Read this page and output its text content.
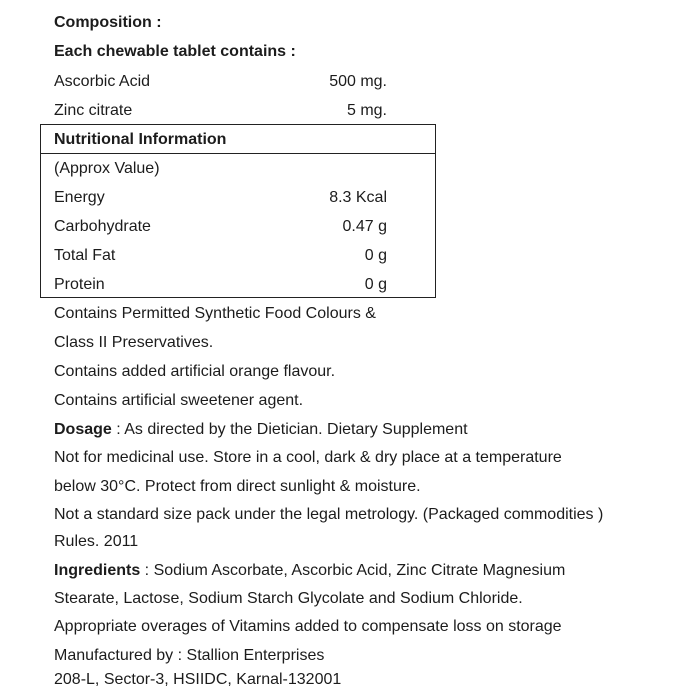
Composition :
Each chewable tablet contains :
Ascorbic Acid	500 mg.
Zinc citrate	5 mg.
Nutritional Information
(Approx Value)
Energy	8.3 Kcal
Carbohydrate	0.47 g
Total Fat	0 g
Protein	0 g
Contains Permitted Synthetic Food Colours &
Class II Preservatives.
Contains added artificial orange flavour.
Contains artificial sweetener agent.
Dosage : As directed by the Dietician. Dietary Supplement
Not for medicinal use. Store in a cool, dark & dry place at a temperature
below 30°C. Protect from direct sunlight & moisture.
Not a standard size pack under the legal metrology. (Packaged commodities )
Rules. 2011
Ingredients : Sodium Ascorbate, Ascorbic Acid, Zinc Citrate Magnesium
Stearate, Lactose, Sodium Starch Glycolate and Sodium Chloride.
Appropriate overages of Vitamins added to compensate loss on storage
Manufactured by : Stallion Enterprises
208-L, Sector-3, HSIIDC, Karnal-132001
